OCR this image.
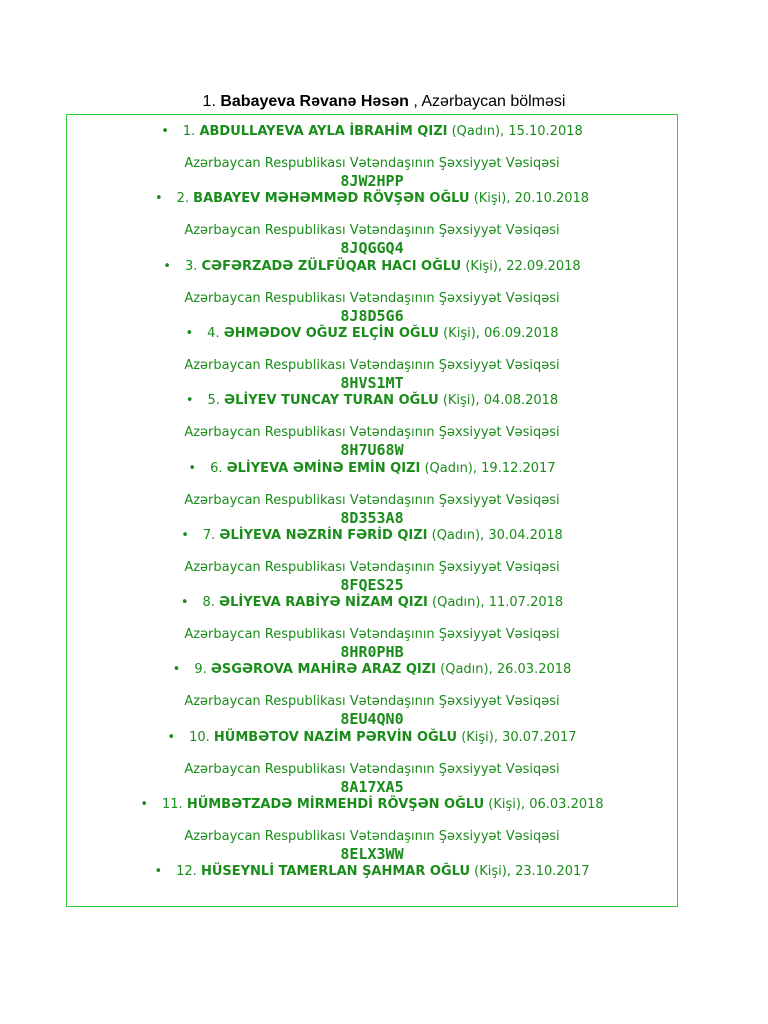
1. Babayeva Rəvanə Həsən , Azərbaycan bölməsi
• 1. ABDULLAYEVA AYLA İBRAHİM QIZI (Qadın), 15.10.2018
Azərbaycan Respublikası Vətəndaşının Şəxsiyyət Vəsiqəsi
8JW2HPP
• 2. BABAYEV MƏHƏMMƏD RÖVŞƏN OĞLU (Kişi), 20.10.2018
Azərbaycan Respublikası Vətəndaşının Şəxsiyyət Vəsiqəsi
8JQGGQ4
• 3. CƏFƏRZADƏ ZÜLFÜQAR HACI OĞLU (Kişi), 22.09.2018
Azərbaycan Respublikası Vətəndaşının Şəxsiyyət Vəsiqəsi
8J8D5G6
• 4. ƏHMƏDOV OĞUZ ELÇİN OĞLU (Kişi), 06.09.2018
Azərbaycan Respublikası Vətəndaşının Şəxsiyyət Vəsiqəsi
8HVS1MT
• 5. ƏLİYEV TUNCAY TURAN OĞLU (Kişi), 04.08.2018
Azərbaycan Respublikası Vətəndaşının Şəxsiyyət Vəsiqəsi
8H7U68W
• 6. ƏLİYEVA ƏMİNƏ EMİN QIZI (Qadın), 19.12.2017
Azərbaycan Respublikası Vətəndaşının Şəxsiyyət Vəsiqəsi
8D353A8
• 7. ƏLİYEVA NƏZRİN FƏRİD QIZI (Qadın), 30.04.2018
Azərbaycan Respublikası Vətəndaşının Şəxsiyyət Vəsiqəsi
8FQES25
• 8. ƏLİYEVA RABİYƏ NİZAM QIZI (Qadın), 11.07.2018
Azərbaycan Respublikası Vətəndaşının Şəxsiyyət Vəsiqəsi
8HR0PHB
• 9. ƏSGƏROVA MAHİRƏ ARAZ QIZI (Qadın), 26.03.2018
Azərbaycan Respublikası Vətəndaşının Şəxsiyyət Vəsiqəsi
8EU4QN0
• 10. HÜMBƏTOV NAZİM PƏRVİN OĞLU (Kişi), 30.07.2017
Azərbaycan Respublikası Vətəndaşının Şəxsiyyət Vəsiqəsi
8A17XA5
• 11. HÜMBƏTZADƏ MİRMEHDİ RÖVŞƏN OĞLU (Kişi), 06.03.2018
Azərbaycan Respublikası Vətəndaşının Şəxsiyyət Vəsiqəsi
8ELX3WW
• 12. HÜSEYNLİ TAMERLAN ŞAHMAR OĞLU (Kişi), 23.10.2017
